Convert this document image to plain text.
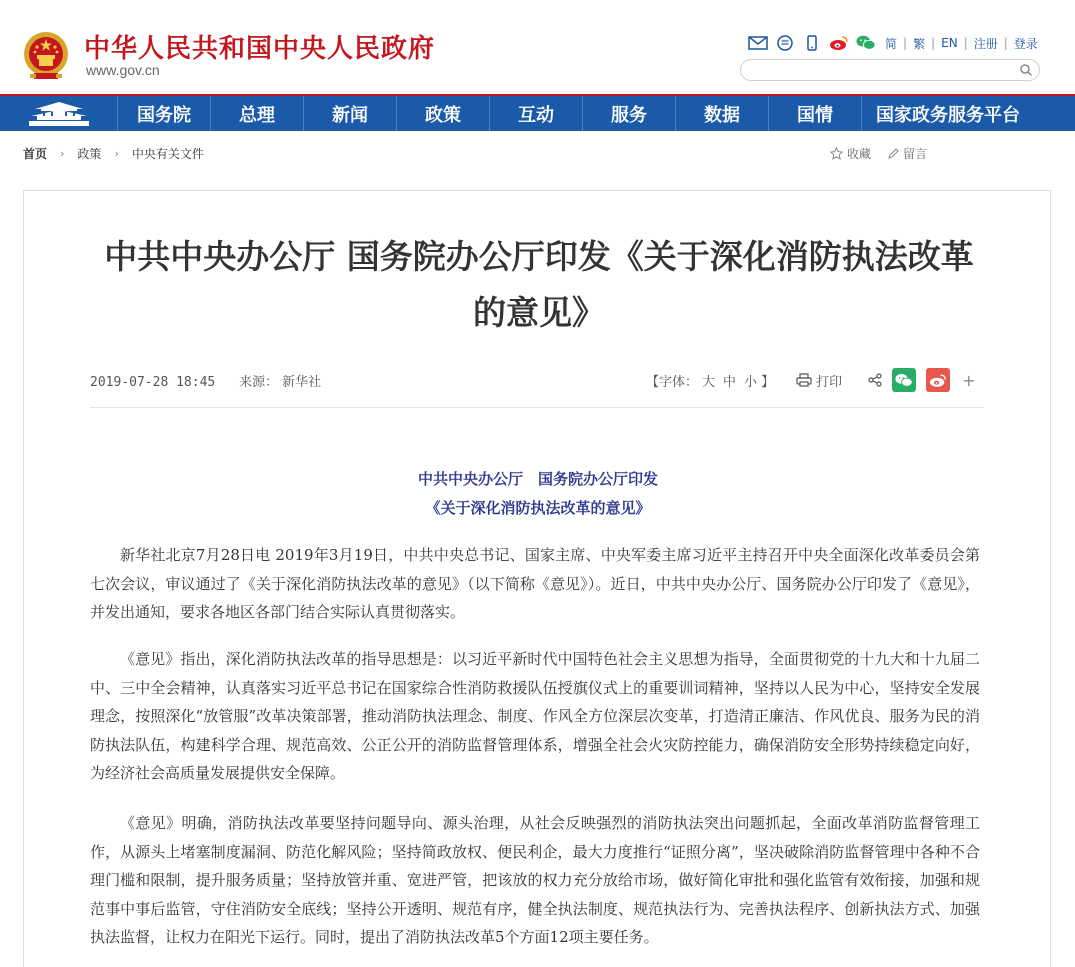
中华人民共和国中央人民政府
www.gov.cn
简 | 繁 | EN | 注册 | 登录
国务院	总理	新闻	政策	互动	服务	数据	国情	国家政务服务平台
首页 › 政策 › 中央有关文件	收藏	留言
中共中央办公厅 国务院办公厅印发《关于深化消防执法改革的意见》
2019-07-28 18:45 来源： 新华社	【字体： 大 中 小 】	打印	+
中共中央办公厅　国务院办公厅印发
《关于深化消防执法改革的意见》

新华社北京7月28日电 2019年3月19日，中共中央总书记、国家主席、中央军委主席习近平主持召开中央全面深化改革委员会第七次会议，审议通过了《关于深化消防执法改革的意见》（以下简称《意见》）。近日，中共中央办公厅、国务院办公厅印发了《意见》，并发出通知，要求各地区各部门结合实际认真贯彻落实。

《意见》指出，深化消防执法改革的指导思想是：以习近平新时代中国特色社会主义思想为指导，全面贯彻党的十九大和十九届二中、三中全会精神，认真落实习近平总书记在国家综合性消防救援队伍授旗仪式上的重要训词精神，坚持以人民为中心，坚持安全发展理念，按照深化“放管服”改革决策部署，推动消防执法理念、制度、作风全方位深层次变革，打造清正廉洁、作风优良、服务为民的消防执法队伍，构建科学合理、规范高效、公正公开的消防监督管理体系，增强全社会火灾防控能力，确保消防安全形势持续稳定向好，为经济社会高质量发展提供安全保障。

《意见》明确，消防执法改革要坚持问题导向、源头治理，从社会反映强烈的消防执法突出问题抓起，全面改革消防监督管理工作，从源头上堵塞制度漏洞、防范化解风险；坚持简政放权、便民利企，最大力度推行“证照分离”，坚决破除消防监督管理中各种不合理门槛和限制，提升服务质量；坚持放管并重、宽进严管，把该放的权力充分放给市场，做好简化审批和强化监管有效衔接，加强和规范事中事后监管，守住消防安全底线；坚持公开透明、规范有序，健全执法制度、规范执法行为、完善执法程序、创新执法方式、加强执法监督，让权力在阳光下运行。同时，提出了消防执法改革5个方面12项主要任务。
